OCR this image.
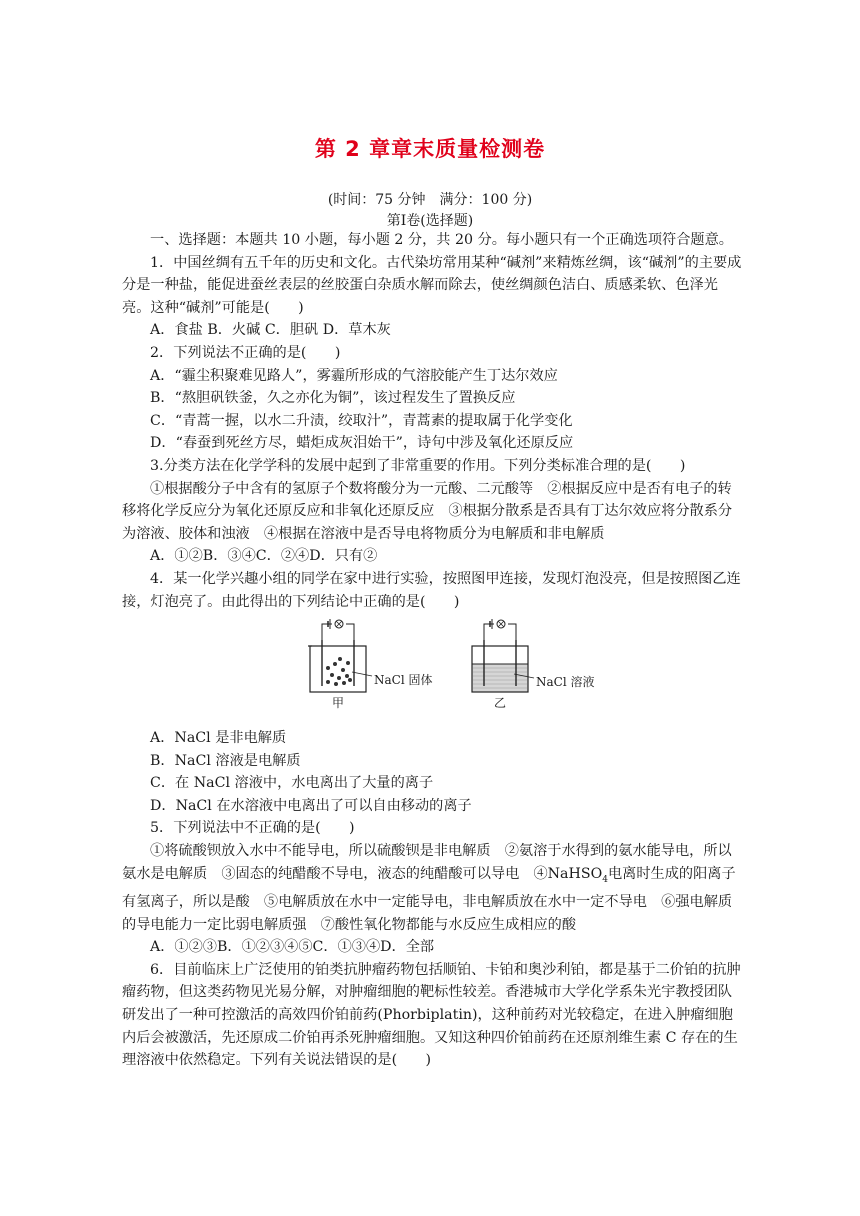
第 2 章章末质量检测卷
(时间：75 分钟　满分：100 分)
第Ⅰ卷(选择题)

一、选择题：本题共 10 小题，每小题 2 分，共 20 分。每小题只有一个正确选项符合题意。

1．中国丝绸有五千年的历史和文化。古代染坊常用某种“碱剂”来精炼丝绸，该“碱剂”的主要成分是一种盐，能促进蚕丝表层的丝胶蛋白杂质水解而除去，使丝绸颜色洁白、质感柔软、色泽光亮。这种“碱剂”可能是(　　)

A．食盐 B．火碱 C．胆矾 D．草木灰

2．下列说法不正确的是(　　)

A．“霾尘积聚难见路人”，雾霾所形成的气溶胶能产生丁达尔效应

B．“熬胆矾铁釜，久之亦化为铜”，该过程发生了置换反应

C．“青蒿一握，以水二升渍，绞取汁”，青蒿素的提取属于化学变化

D．“春蚕到死丝方尽，蜡炬成灰泪始干”，诗句中涉及氧化还原反应

3.分类方法在化学学科的发展中起到了非常重要的作用。下列分类标准合理的是(　　)

①根据酸分子中含有的氢原子个数将酸分为一元酸、二元酸等　②根据反应中是否有电子的转移将化学反应分为氧化还原反应和非氧化还原反应　③根据分散系是否具有丁达尔效应将分散系分为溶液、胶体和浊液　④根据在溶液中是否导电将物质分为电解质和非电解质

A．①②B．③④C．②④D．只有②

4．某一化学兴趣小组的同学在家中进行实验，按照图甲连接，发现灯泡没亮，但是按照图乙连接，灯泡亮了。由此得出的下列结论中正确的是(　　)

NaCl 固体
甲
NaCl 溶液
乙

A．NaCl 是非电解质

B．NaCl 溶液是电解质

C．在 NaCl 溶液中，水电离出了大量的离子

D．NaCl 在水溶液中电离出了可以自由移动的离子

5．下列说法中不正确的是(　　)

①将硫酸钡放入水中不能导电，所以硫酸钡是非电解质　②氨溶于水得到的氨水能导电，所以氨水是电解质　③固态的纯醋酸不导电，液态的纯醋酸可以导电　④NaHSO$_4$电离时生成的阳离子有氢离子，所以是酸　⑤电解质放在水中一定能导电，非电解质放在水中一定不导电　⑥强电解质的导电能力一定比弱电解质强　⑦酸性氧化物都能与水反应生成相应的酸

A．①②③B．①②③④⑤C．①③④D．全部

6．目前临床上广泛使用的铂类抗肿瘤药物包括顺铂、卡铂和奥沙利铂，都是基于二价铂的抗肿瘤药物，但这类药物见光易分解，对肿瘤细胞的靶标性较差。香港城市大学化学系朱光宇教授团队研发出了一种可控激活的高效四价铂前药(Phorbiplatin)，这种前药对光较稳定，在进入肿瘤细胞内后会被激活，先还原成二价铂再杀死肿瘤细胞。又知这种四价铂前药在还原剂维生素 C 存在的生理溶液中依然稳定。下列有关说法错误的是(　　)
